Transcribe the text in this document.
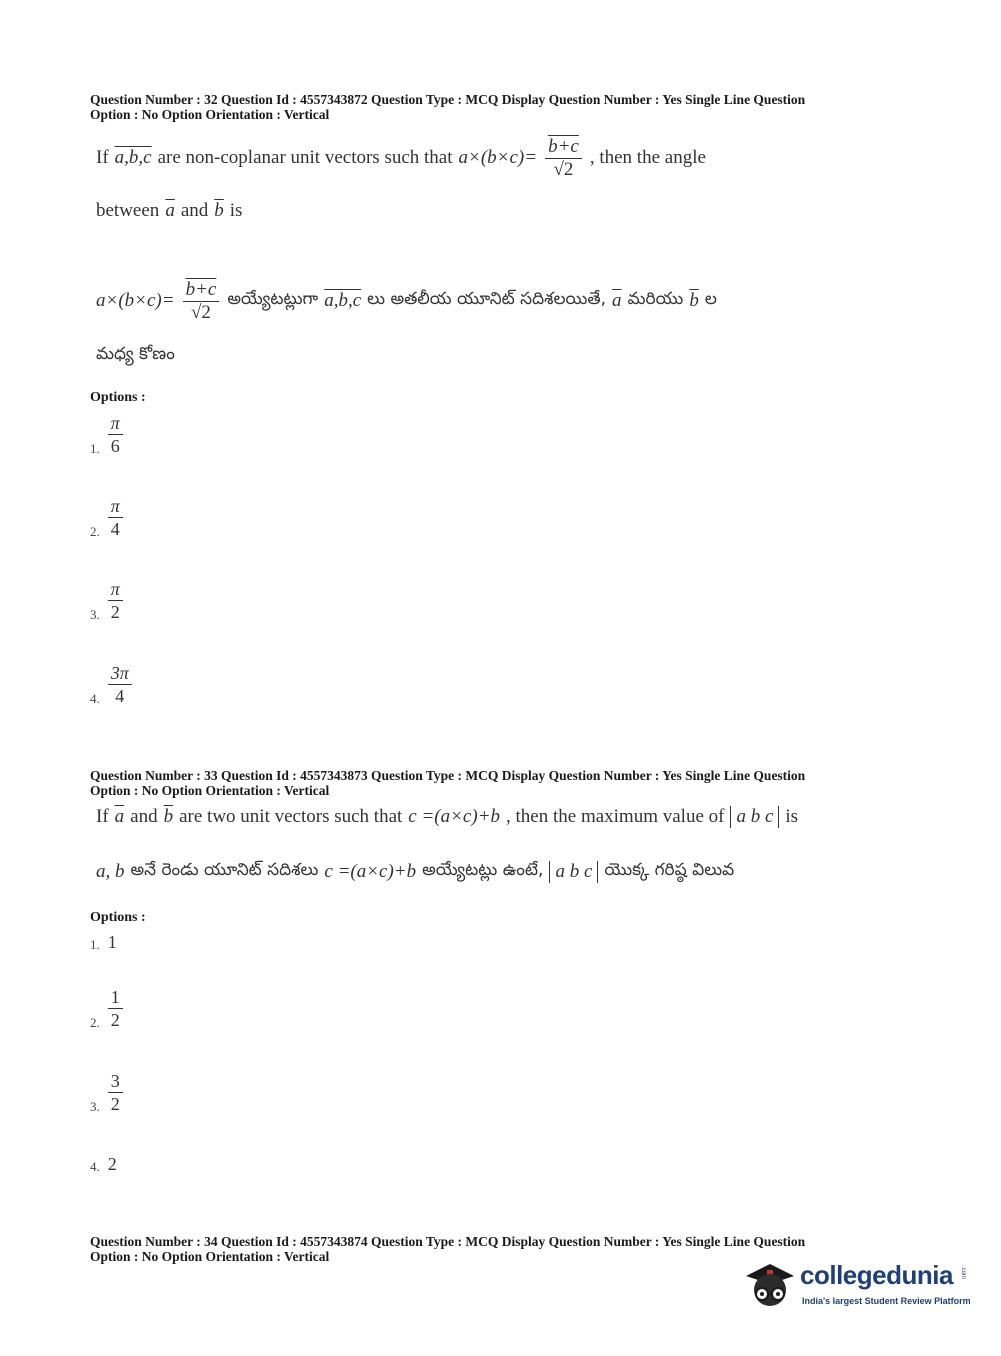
Question Number : 32 Question Id : 4557343872 Question Type : MCQ Display Question Number : Yes Single Line Question
Option : No Option Orientation : Vertical
If a,b,c are non-coplanar unit vectors such that $a\times(b\times c)= \frac{b+c}{√2}$ , then the angle
between $\overline{a}$ and $\overline{b}$ is
$a\times(b\times c)= \frac{b+c}{√2}$ అయ్యేటట్లుగా a,b,c లు అతలీయ యూనిట్ సదిశలయితే, $\overline{a}$ మరియు $\overline{b}$ ల
మధ్య కోణం
Options :
1. $\frac{\pi}{6}$
2. $\frac{\pi}{4}$
3. $\frac{\pi}{2}$
4. $\frac{3\pi}{4}$
Question Number : 33 Question Id : 4557343873 Question Type : MCQ Display Question Number : Yes Single Line Question
Option : No Option Orientation : Vertical
If $\overline{a}$ and $\overline{b}$ are two unit vectors such that c =(a×c)+b , then the maximum value of a b c is
a, b అనే రెండు యూనిట్ సదిశలు c =(a×c)+b అయ్యేటట్లు ఉంటే, a b c యొక్క గరిష్ఠ విలువ
Options :
1. 1
2. $\frac{1}{2}$
3. $\frac{3}{2}$
4. 2
Question Number : 34 Question Id : 4557343874 Question Type : MCQ Display Question Number : Yes Single Line Question
Option : No Option Orientation : Vertical
collegedunia .com
India's largest Student Review Platform
